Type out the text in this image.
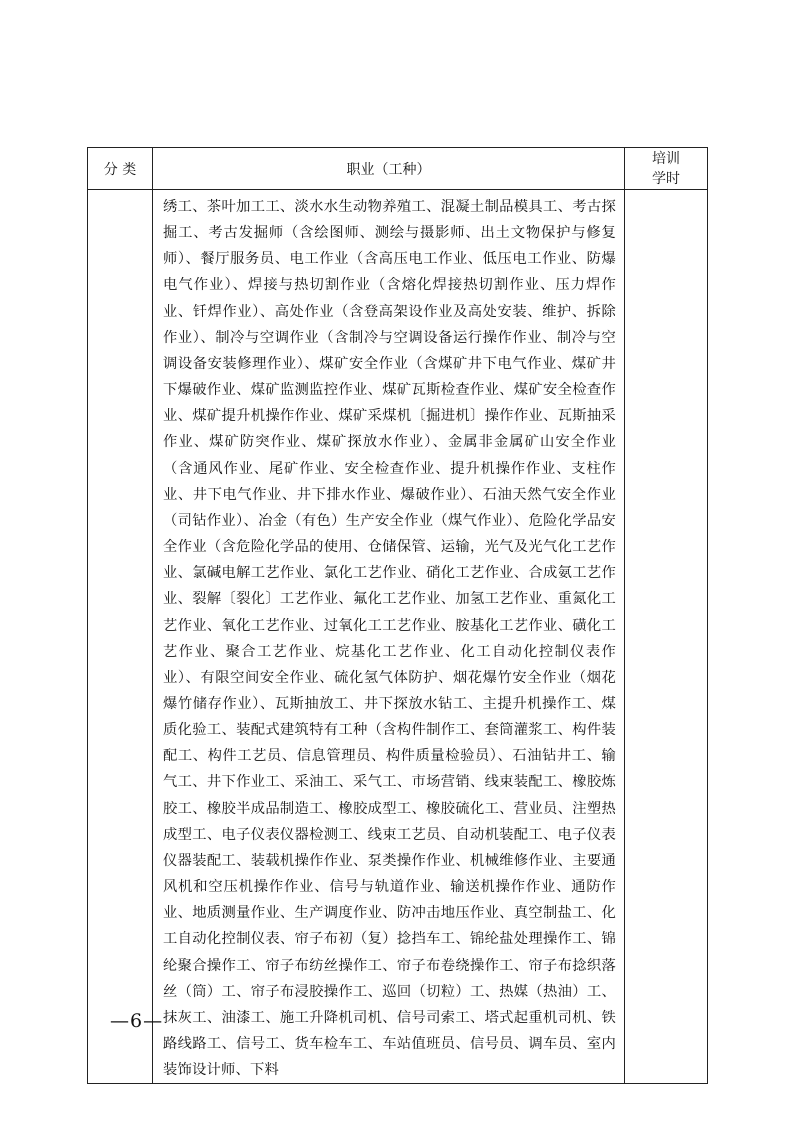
分 类	职业（工种）	培训
学时

	绣工、茶叶加工工、淡水水生动物养殖工、混凝土制品模具工、考古探掘工、考古发掘师（含绘图师、测绘与摄影师、出土文物保护与修复师）、餐厅服务员、电工作业（含高压电工作业、低压电工作业、防爆电气作业）、焊接与热切割作业（含熔化焊接热切割作业、压力焊作业、钎焊作业）、高处作业（含登高架设作业及高处安装、维护、拆除作业）、制冷与空调作业（含制冷与空调设备运行操作作业、制冷与空调设备安装修理作业）、煤矿安全作业（含煤矿井下电气作业、煤矿井下爆破作业、煤矿监测监控作业、煤矿瓦斯检查作业、煤矿安全检查作业、煤矿提升机操作作业、煤矿采煤机〔掘进机〕操作作业、瓦斯抽采作业、煤矿防突作业、煤矿探放水作业）、金属非金属矿山安全作业（含通风作业、尾矿作业、安全检查作业、提升机操作作业、支柱作业、井下电气作业、井下排水作业、爆破作业）、石油天然气安全作业（司钻作业）、冶金（有色）生产安全作业（煤气作业）、危险化学品安全作业（含危险化学品的使用、仓储保管、运输，光气及光气化工艺作业、氯碱电解工艺作业、氯化工艺作业、硝化工艺作业、合成氨工艺作业、裂解〔裂化〕工艺作业、氟化工艺作业、加氢工艺作业、重氮化工艺作业、氧化工艺作业、过氧化工工艺作业、胺基化工艺作业、磺化工艺作业、聚合工艺作业、烷基化工艺作业、化工自动化控制仪表作业）、有限空间安全作业、硫化氢气体防护、烟花爆竹安全作业（烟花爆竹储存作业）、瓦斯抽放工、井下探放水钻工、主提升机操作工、煤质化验工、装配式建筑特有工种（含构件制作工、套筒灌浆工、构件装配工、构件工艺员、信息管理员、构件质量检验员）、石油钻井工、输气工、井下作业工、采油工、采气工、市场营销、线束装配工、橡胶炼胶工、橡胶半成品制造工、橡胶成型工、橡胶硫化工、营业员、注塑热成型工、电子仪表仪器检测工、线束工艺员、自动机装配工、电子仪表仪器装配工、装载机操作作业、泵类操作作业、机械维修作业、主要通风机和空压机操作作业、信号与轨道作业、输送机操作作业、通防作业、地质测量作业、生产调度作业、防冲击地压作业、真空制盐工、化工自动化控制仪表、帘子布初（复）捻挡车工、锦纶盐处理操作工、锦纶聚合操作工、帘子布纺丝操作工、帘子布卷绕操作工、帘子布捻织落丝（筒）工、帘子布浸胶操作工、巡回（切粒）工、热媒（热油）工、抹灰工、油漆工、施工升降机司机、信号司索工、塔式起重机司机、铁路线路工、信号工、货车检车工、车站值班员、信号员、调车员、室内装饰设计师、下料	

—6—
